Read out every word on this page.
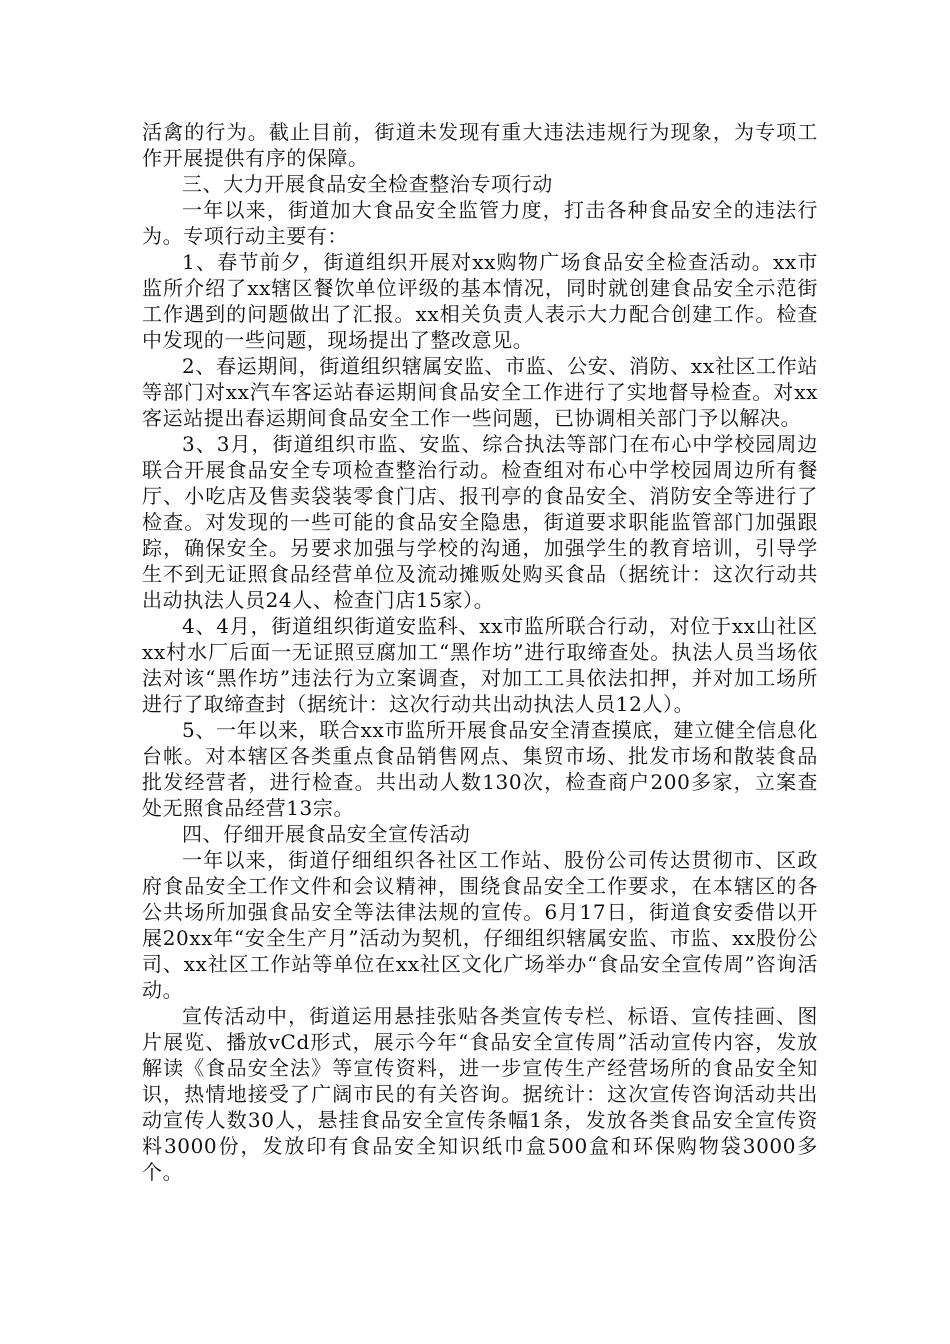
活禽的行为。截止目前，街道未发现有重大违法违规行为现象，为专项工作开展提供有序的保障。

三、大力开展食品安全检查整治专项行动

一年以来，街道加大食品安全监管力度，打击各种食品安全的违法行为。专项行动主要有：

1、春节前夕，街道组织开展对xx购物广场食品安全检查活动。xx市监所介绍了xx辖区餐饮单位评级的基本情况，同时就创建食品安全示范街工作遇到的问题做出了汇报。xx相关负责人表示大力配合创建工作。检查中发现的一些问题，现场提出了整改意见。

2、春运期间，街道组织辖属安监、市监、公安、消防、xx社区工作站等部门对xx汽车客运站春运期间食品安全工作进行了实地督导检查。对xx客运站提出春运期间食品安全工作一些问题，已协调相关部门予以解决。

3、3月，街道组织市监、安监、综合执法等部门在布心中学校园周边联合开展食品安全专项检查整治行动。检查组对布心中学校园周边所有餐厅、小吃店及售卖袋装零食门店、报刊亭的食品安全、消防安全等进行了检查。对发现的一些可能的食品安全隐患，街道要求职能监管部门加强跟踪，确保安全。另要求加强与学校的沟通，加强学生的教育培训，引导学生不到无证照食品经营单位及流动摊贩处购买食品（据统计：这次行动共出动执法人员24人、检查门店15家）。

4、4月，街道组织街道安监科、xx市监所联合行动，对位于xx山社区xx村水厂后面一无证照豆腐加工“黑作坊”进行取缔查处。执法人员当场依法对该“黑作坊”违法行为立案调查，对加工工具依法扣押，并对加工场所进行了取缔查封（据统计：这次行动共出动执法人员12人）。

5、一年以来，联合xx市监所开展食品安全清查摸底，建立健全信息化台帐。对本辖区各类重点食品销售网点、集贸市场、批发市场和散装食品批发经营者，进行检查。共出动人数130次，检查商户200多家，立案查处无照食品经营13宗。

四、仔细开展食品安全宣传活动

一年以来，街道仔细组织各社区工作站、股份公司传达贯彻市、区政府食品安全工作文件和会议精神，围绕食品安全工作要求，在本辖区的各公共场所加强食品安全等法律法规的宣传。6月17日，街道食安委借以开展20xx年“安全生产月”活动为契机，仔细组织辖属安监、市监、xx股份公司、xx社区工作站等单位在xx社区文化广场举办“食品安全宣传周”咨询活动。

宣传活动中，街道运用悬挂张贴各类宣传专栏、标语、宣传挂画、图片展览、播放vCd形式，展示今年“食品安全宣传周”活动宣传内容，发放解读《食品安全法》等宣传资料，进一步宣传生产经营场所的食品安全知识，热情地接受了广阔市民的有关咨询。据统计：这次宣传咨询活动共出动宣传人数30人，悬挂食品安全宣传条幅1条，发放各类食品安全宣传资料3000份，发放印有食品安全知识纸巾盒500盒和环保购物袋3000多个。
